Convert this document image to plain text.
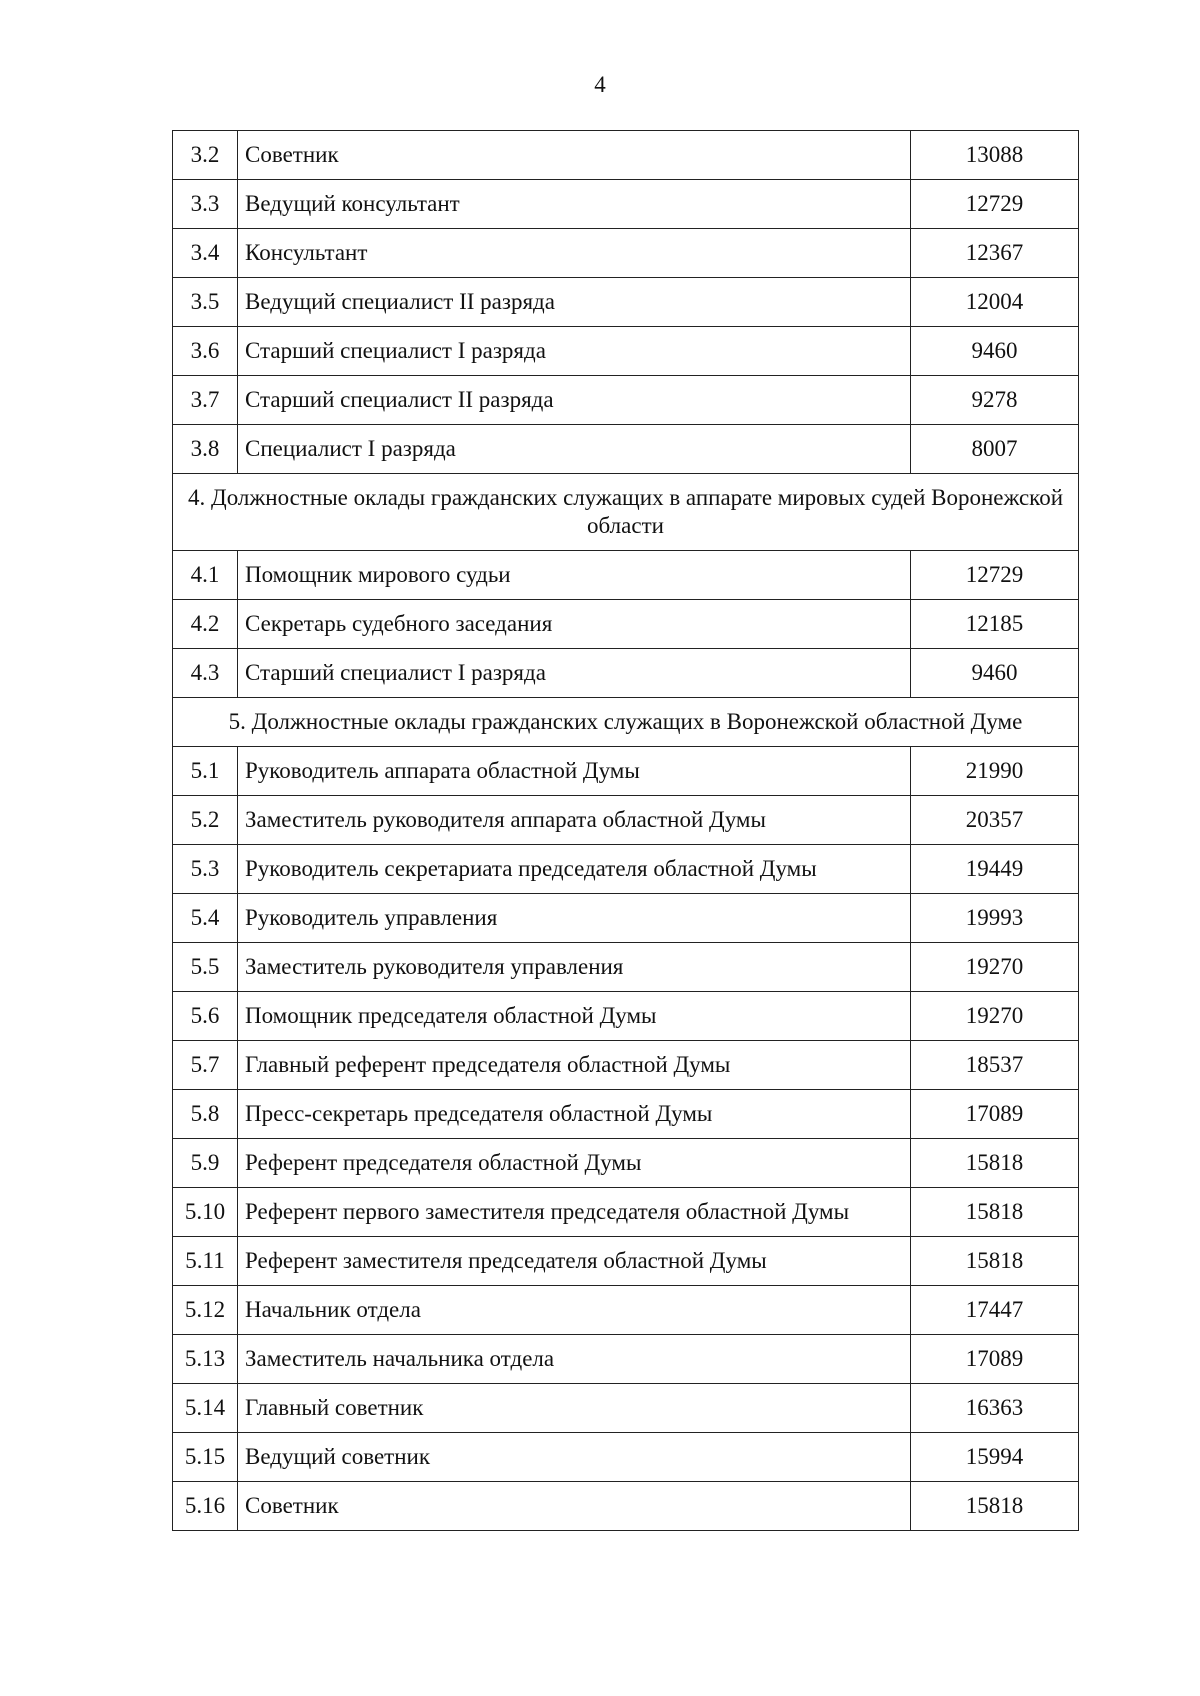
4
3.2	Советник	13088
3.3	Ведущий консультант	12729
3.4	Консультант	12367
3.5	Ведущий специалист II разряда	12004
3.6	Старший специалист I разряда	9460
3.7	Старший специалист II разряда	9278
3.8	Специалист I разряда	8007
4. Должностные оклады гражданских служащих в аппарате мировых судей Воронежской области		
4.1	Помощник мирового судьи	12729
4.2	Секретарь судебного заседания	12185
4.3	Старший специалист I разряда	9460
5. Должностные оклады гражданских служащих в Воронежской областной Думе		
5.1	Руководитель аппарата областной Думы	21990
5.2	Заместитель руководителя аппарата областной Думы	20357
5.3	Руководитель секретариата председателя областной Думы	19449
5.4	Руководитель управления	19993
5.5	Заместитель руководителя управления	19270
5.6	Помощник председателя областной Думы	19270
5.7	Главный референт председателя областной Думы	18537
5.8	Пресс-секретарь председателя областной Думы	17089
5.9	Референт председателя областной Думы	15818
5.10	Референт первого заместителя председателя областной Думы	15818
5.11	Референт заместителя председателя областной Думы	15818
5.12	Начальник отдела	17447
5.13	Заместитель начальника отдела	17089
5.14	Главный советник	16363
5.15	Ведущий советник	15994
5.16	Советник	15818
